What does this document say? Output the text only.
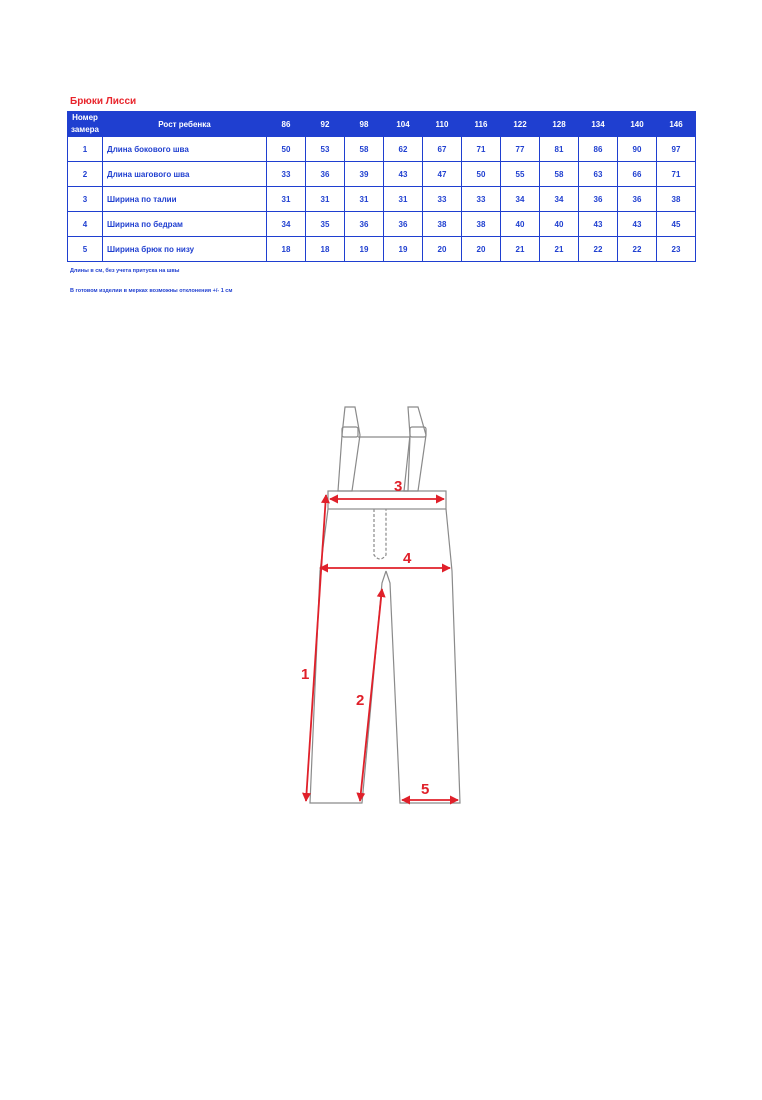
Брюки Лисси
Номер
замера	Рост ребенка	86	92	98	104	110	116	122	128	134	140	146
1	Длина бокового шва	50	53	58	62	67	71	77	81	86	90	97
2	Длина шагового шва	33	36	39	43	47	50	55	58	63	66	71
3	Ширина по талии	31	31	31	31	33	33	34	34	36	36	38
4	Ширина по бедрам	34	35	36	36	38	38	40	40	43	43	45
5	Ширина брюк по низу	18	18	19	19	20	20	21	21	22	22	23
Длины в см, без учета притуска на швы
В готовом изделии в мерках возможны отклонения +/- 1 см
1
2
3
4
5
